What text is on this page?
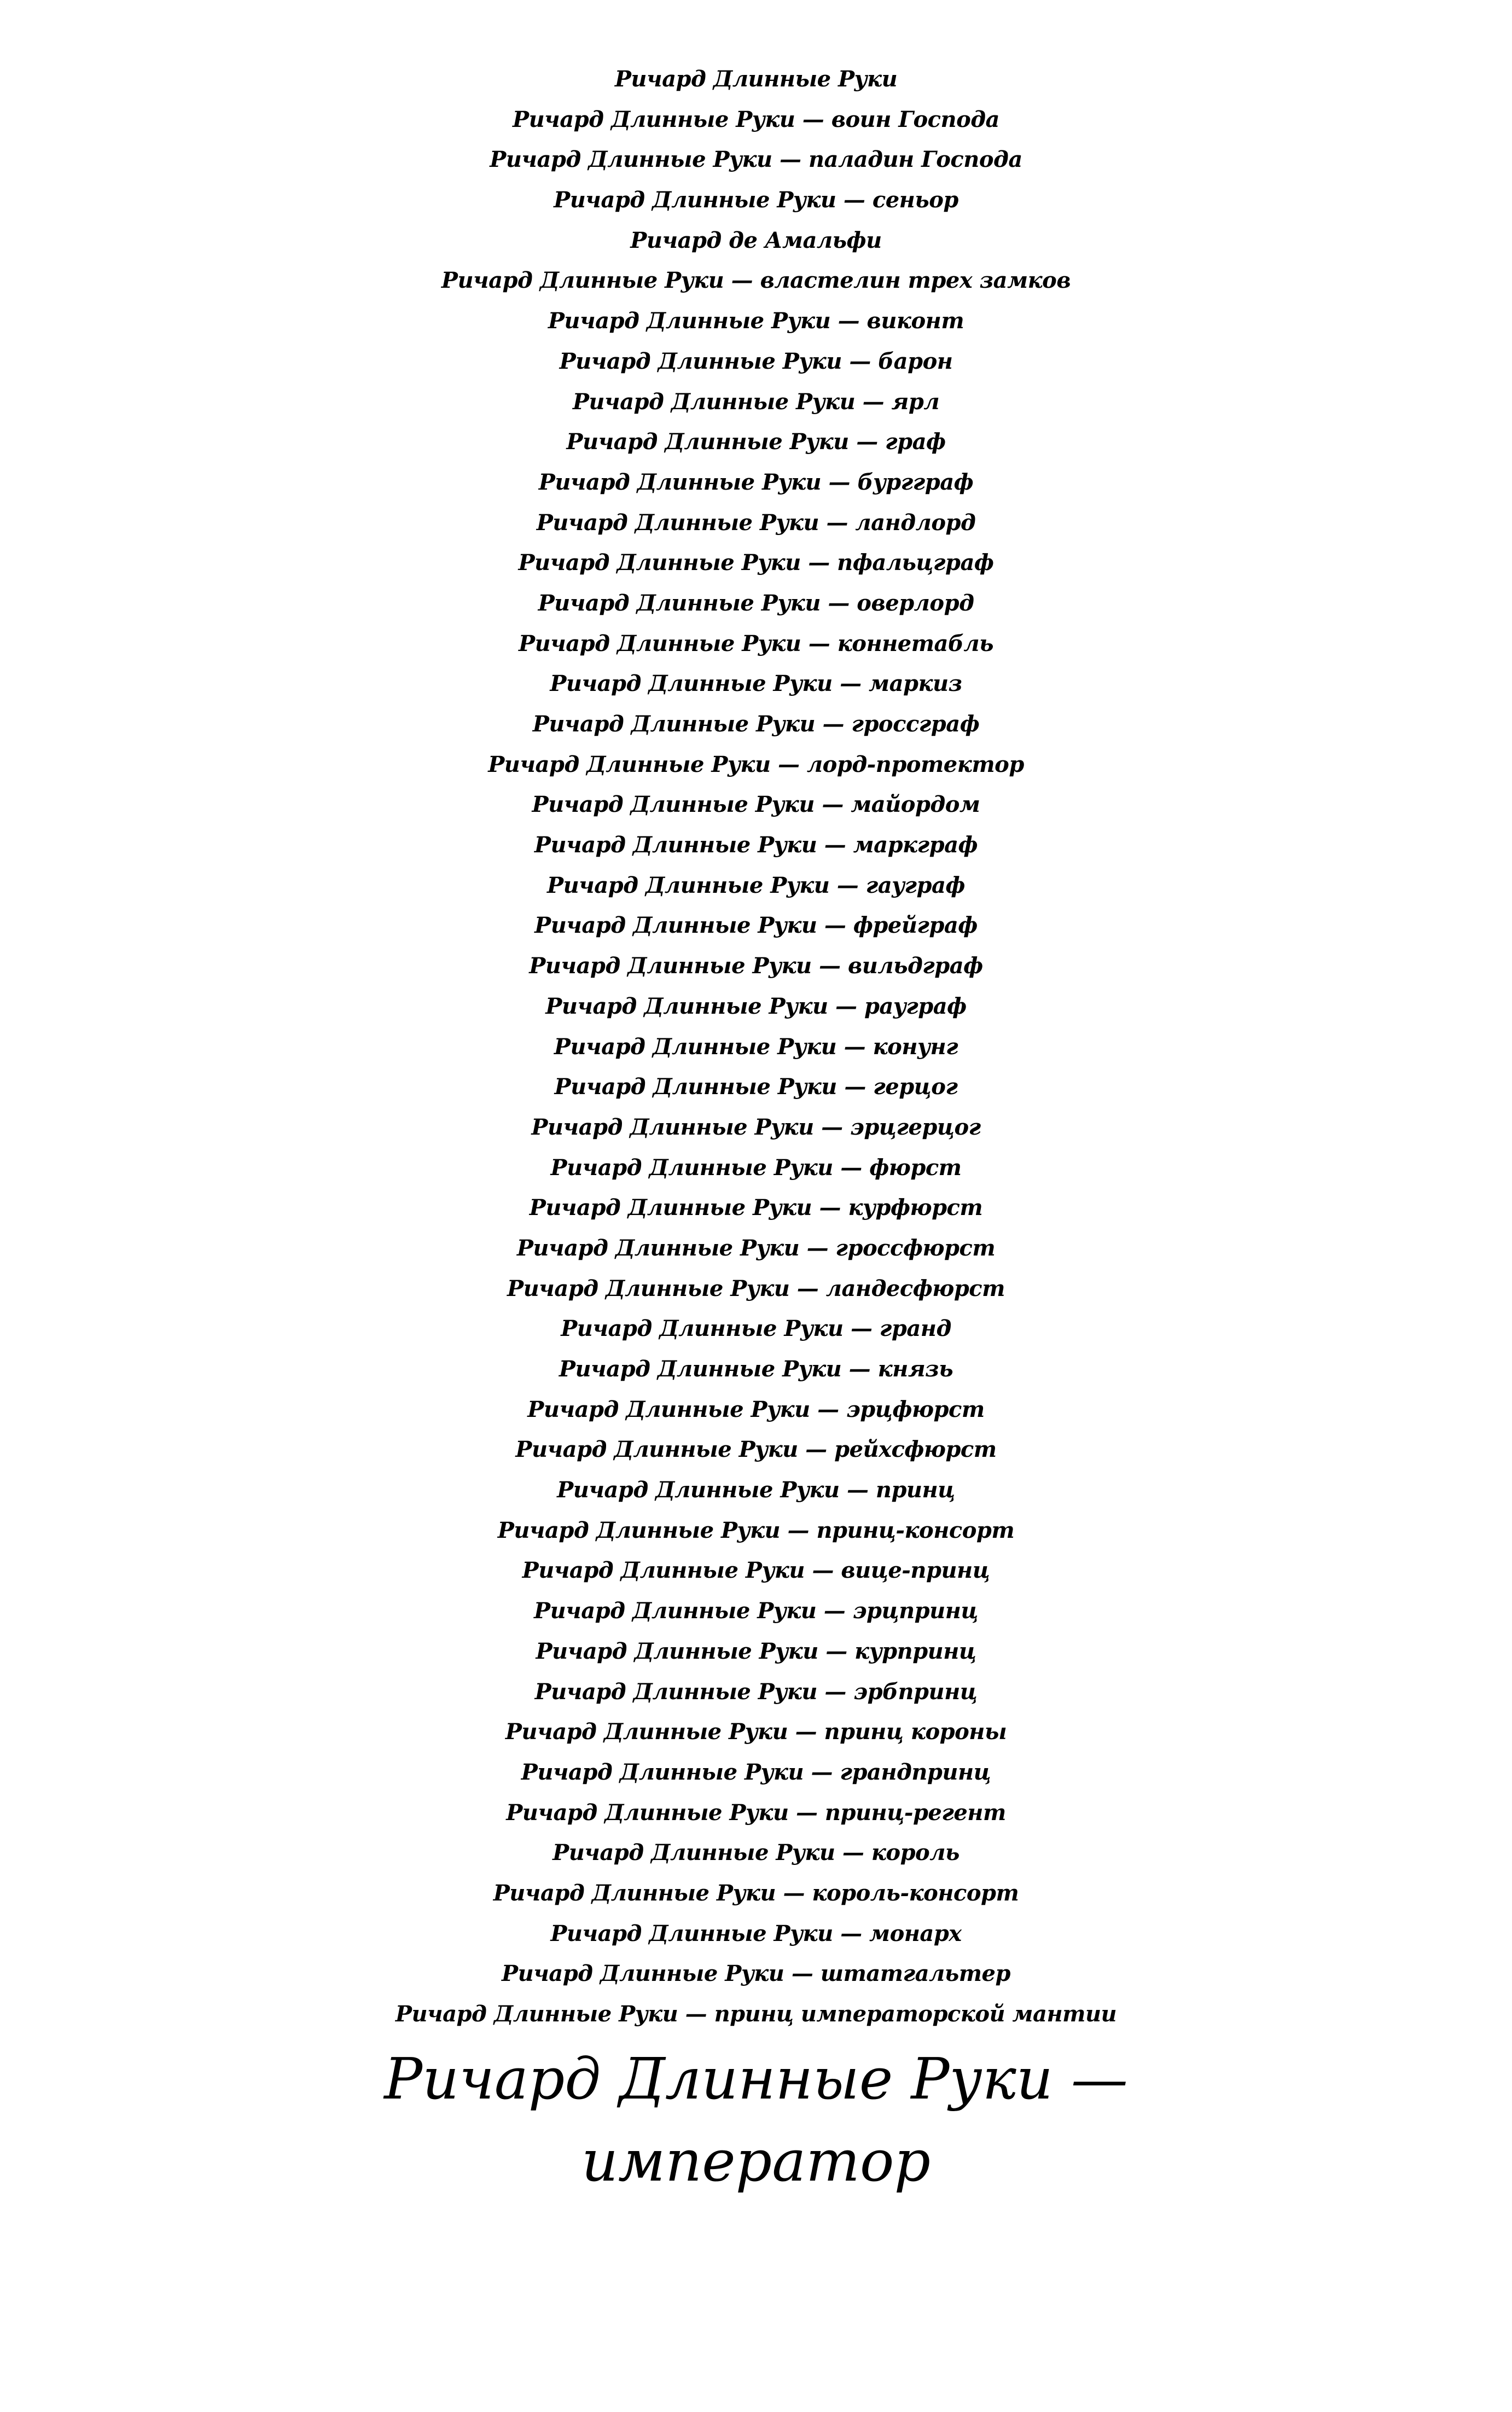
Ричард Длинные Руки
Ричард Длинные Руки — воин Господа
Ричард Длинные Руки — паладин Господа
Ричард Длинные Руки — сеньор
Ричард де Амальфи
Ричард Длинные Руки — властелин трех замков
Ричард Длинные Руки — виконт
Ричард Длинные Руки — барон
Ричард Длинные Руки — ярл
Ричард Длинные Руки — граф
Ричард Длинные Руки — бургграф
Ричард Длинные Руки — ландлорд
Ричард Длинные Руки — пфальцграф
Ричард Длинные Руки — оверлорд
Ричард Длинные Руки — коннетабль
Ричард Длинные Руки — маркиз
Ричард Длинные Руки — гроссграф
Ричард Длинные Руки — лорд-протектор
Ричард Длинные Руки — майордом
Ричард Длинные Руки — маркграф
Ричард Длинные Руки — гауграф
Ричард Длинные Руки — фрейграф
Ричард Длинные Руки — вильдграф
Ричард Длинные Руки — рауграф
Ричард Длинные Руки — конунг
Ричард Длинные Руки — герцог
Ричард Длинные Руки — эрцгерцог
Ричард Длинные Руки — фюрст
Ричард Длинные Руки — курфюрст
Ричард Длинные Руки — гроссфюрст
Ричард Длинные Руки — ландесфюрст
Ричард Длинные Руки — гранд
Ричард Длинные Руки — князь
Ричард Длинные Руки — эрцфюрст
Ричард Длинные Руки — рейхсфюрст
Ричард Длинные Руки — принц
Ричард Длинные Руки — принц-консорт
Ричард Длинные Руки — вице-принц
Ричард Длинные Руки — эрцпринц
Ричард Длинные Руки — курпринц
Ричард Длинные Руки — эрбпринц
Ричард Длинные Руки — принц короны
Ричард Длинные Руки — грандпринц
Ричард Длинные Руки — принц-регент
Ричард Длинные Руки — король
Ричард Длинные Руки — король-консорт
Ричард Длинные Руки — монарх
Ричард Длинные Руки — штатгальтер
Ричард Длинные Руки — принц императорской мантии
Ричард Длинные Руки —
император
